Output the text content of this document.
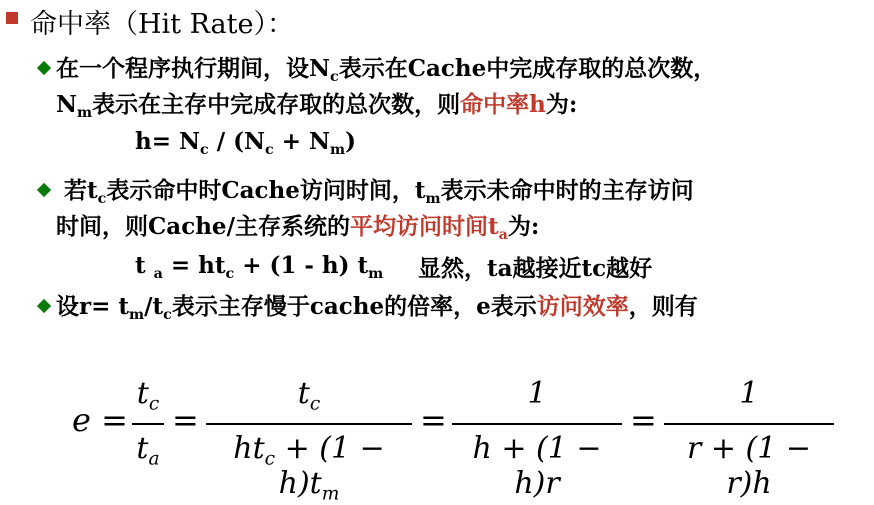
命中率（Hit Rate）：
在一个程序执行期间，设$N_c$表示在Cache中完成存取的总次数，
$N_m$表示在主存中完成存取的总次数，则命中率h为:
$h= N_c / (N_c + N_m)$
若$t_c$表示命中时Cache访问时间，$t_m$表示未命中时的主存访问
时间，则Cache/主存系统的平均访问时间$t_a$为:
t $_a = ht_c + (1 - h)$ $t_m$ 显然，ta越接近tc越好
设$r= t_m/t_c$表示主存慢于cache的倍率，e表示访问效率，则有
e =
$t_c$
$t_a$
=
$t_c$
$ht_c + (1 - h)t_m$
=
1
h + (1 − h)r
=
1
r + (1 − r)h
